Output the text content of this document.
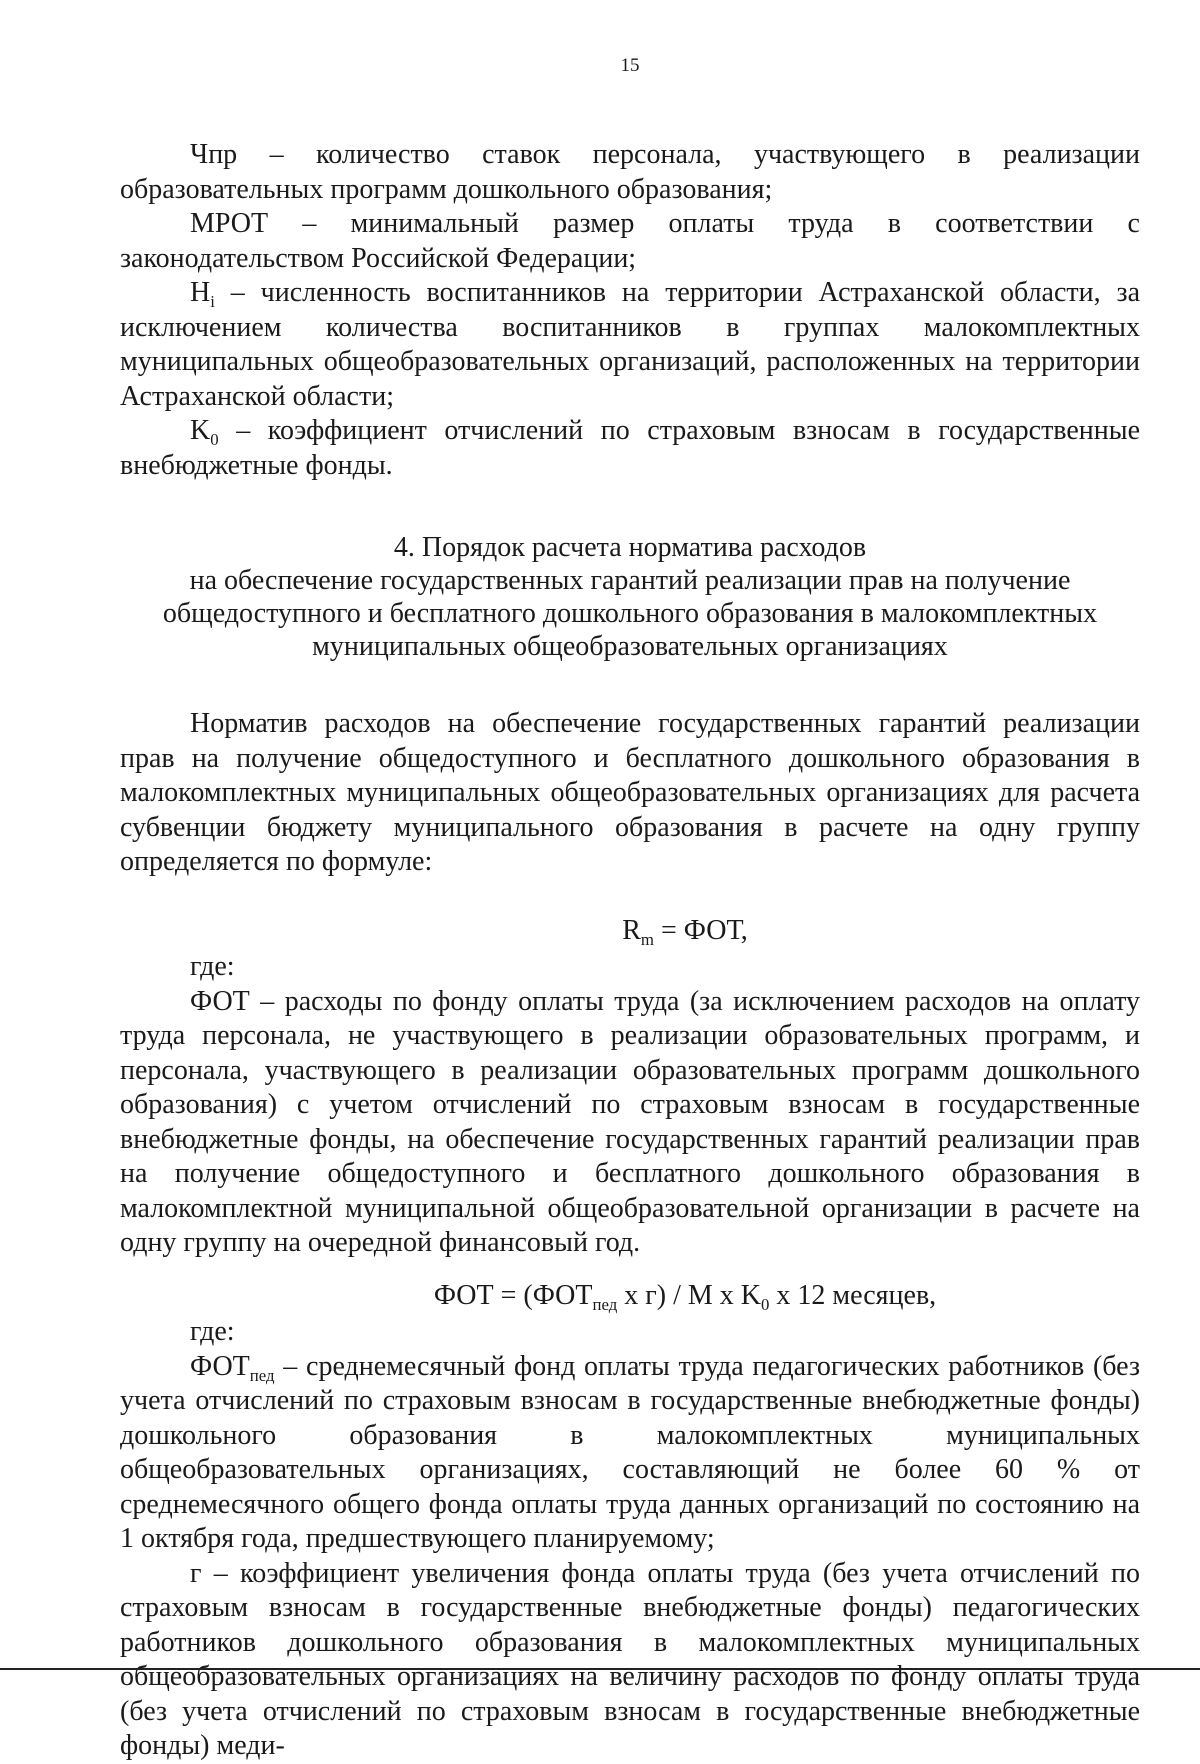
15

Чпр – количество ставок персонала, участвующего в реализации образовательных программ дошкольного образования;

МРОТ – минимальный размер оплаты труда в соответствии с законодательством Российской Федерации;

$H_i$ – численность воспитанников на территории Астраханской области, за исключением количества воспитанников в группах малокомплектных муниципальных общеобразовательных организаций, расположенных на территории Астраханской области;

$K_0$ – коэффициент отчислений по страховым взносам в государственные внебюджетные фонды.

4. Порядок расчета норматива расходов
на обеспечение государственных гарантий реализации прав на получение
общедоступного и бесплатного дошкольного образования в малокомплектных
муниципальных общеобразовательных организациях

Норматив расходов на обеспечение государственных гарантий реализации прав на получение общедоступного и бесплатного дошкольного образования в малокомплектных муниципальных общеобразовательных организациях для расчета субвенции бюджету муниципального образования в расчете на одну группу определяется по формуле:

$R_m$ = ФОТ,

где:

ФОТ – расходы по фонду оплаты труда (за исключением расходов на оплату труда персонала, не участвующего в реализации образовательных программ, и персонала, участвующего в реализации образовательных программ дошкольного образования) с учетом отчислений по страховым взносам в государственные внебюджетные фонды, на обеспечение государственных гарантий реализации прав на получение общедоступного и бесплатного дошкольного образования в малокомплектной муниципальной общеобразовательной организации в расчете на одну группу на очередной финансовый год.

ФОТ = ($ФОТ_{пед}$ x г) / М x $K_0$ x 12 месяцев,

где:

$ФОТ_{пед}$ – среднемесячный фонд оплаты труда педагогических работников (без учета отчислений по страховым взносам в государственные внебюджетные фонды) дошкольного образования в малокомплектных муниципальных общеобразовательных организациях, составляющий не более 60 % от среднемесячного общего фонда оплаты труда данных организаций по состоянию на 1 октября года, предшествующего планируемому;

г – коэффициент увеличения фонда оплаты труда (без учета отчислений по страховым взносам в государственные внебюджетные фонды) педагогических работников дошкольного образования в малокомплектных муниципальных общеобразовательных организациях на величину расходов по фонду оплаты труда (без учета отчислений по страховым взносам в государственные внебюджетные фонды) меди-
